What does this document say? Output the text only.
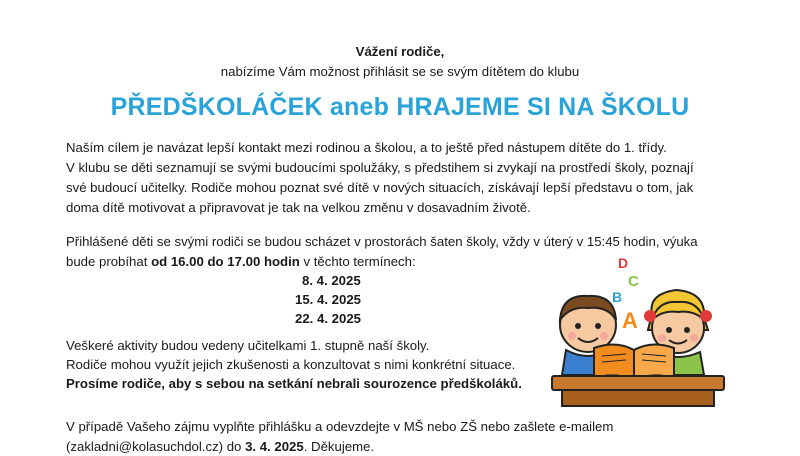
Vážení rodiče,
nabízíme Vám možnost přihlásit se se svým dítětem do klubu
PŘEDŠKOLÁČEK aneb HRAJEME SI NA ŠKOLU
Naším cílem je navázat lepší kontakt mezi rodinou a školou, a to ještě před nástupem dítěte do 1. třídy.
V klubu se děti seznamují se svými budoucími spolužáky, s předstihem si zvykají na prostředí školy, poznají
své budoucí učitelky. Rodiče mohou poznat své dítě v nových situacích, získávají lepší představu o tom, jak
doma dítě motivovat a připravovat je tak na velkou změnu v dosavadním životě.
Přihlášené děti se svými rodiči se budou scházet v prostorách šaten školy, vždy v úterý v 15:45 hodin, výuka
bude probíhat od 16.00 do 17.00 hodin v těchto termínech:
8. 4. 2025
15. 4. 2025
22. 4. 2025
Veškeré aktivity budou vedeny učitelkami 1. stupně naší školy.
Rodiče mohou využít jejich zkušenosti a konzultovat s nimi konkrétní situace.
Prosíme rodiče, aby s sebou na setkání nebrali sourozence předškoláků.
V případě Vašeho zájmu vyplňte přihlášku a odevzdejte v MŠ nebo ZŠ nebo zašlete e-mailem
(zakladni@kolasuchdol.cz) do 3. 4. 2025. Děkujeme.
D
C
B
A
